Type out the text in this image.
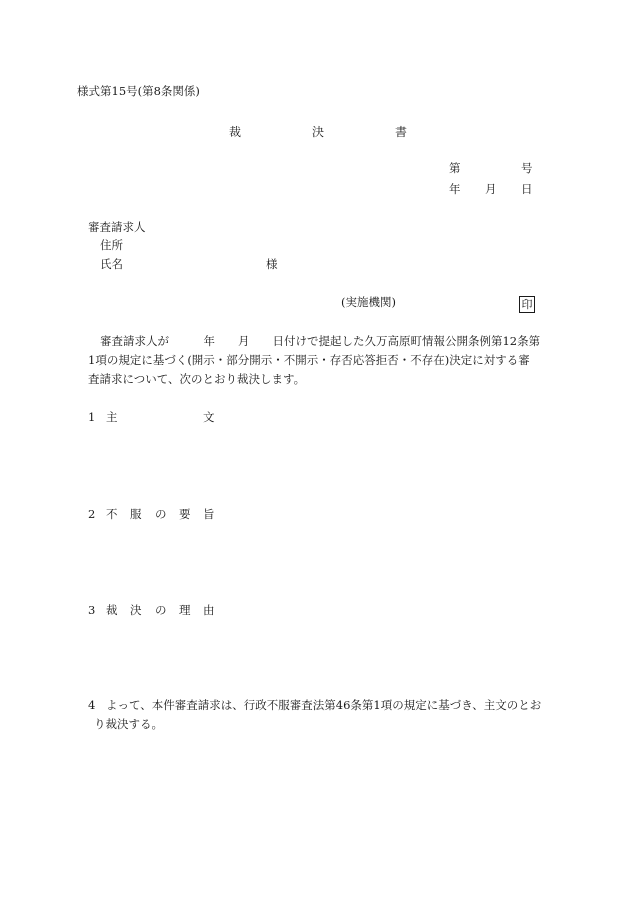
様式第15号(第8条関係)
裁	決	書
第	号
年 月 日
審査請求人
住所
氏名	様
(実施機関)	印
審査請求人が　　　年　　月　　日付けで提起した久万高原町情報公開条例第12条第
1項の規定に基づく(開示・部分開示・不開示・存否応答拒否・不存在)決定に対する審
査請求について、次のとおり裁決します。
1 主	文
2 不 服 の 要 旨
3 裁 決 の 理 由
4 よって、本件審査請求は、行政不服審査法第46条第1項の規定に基づき、主文のとお
り裁決する。
